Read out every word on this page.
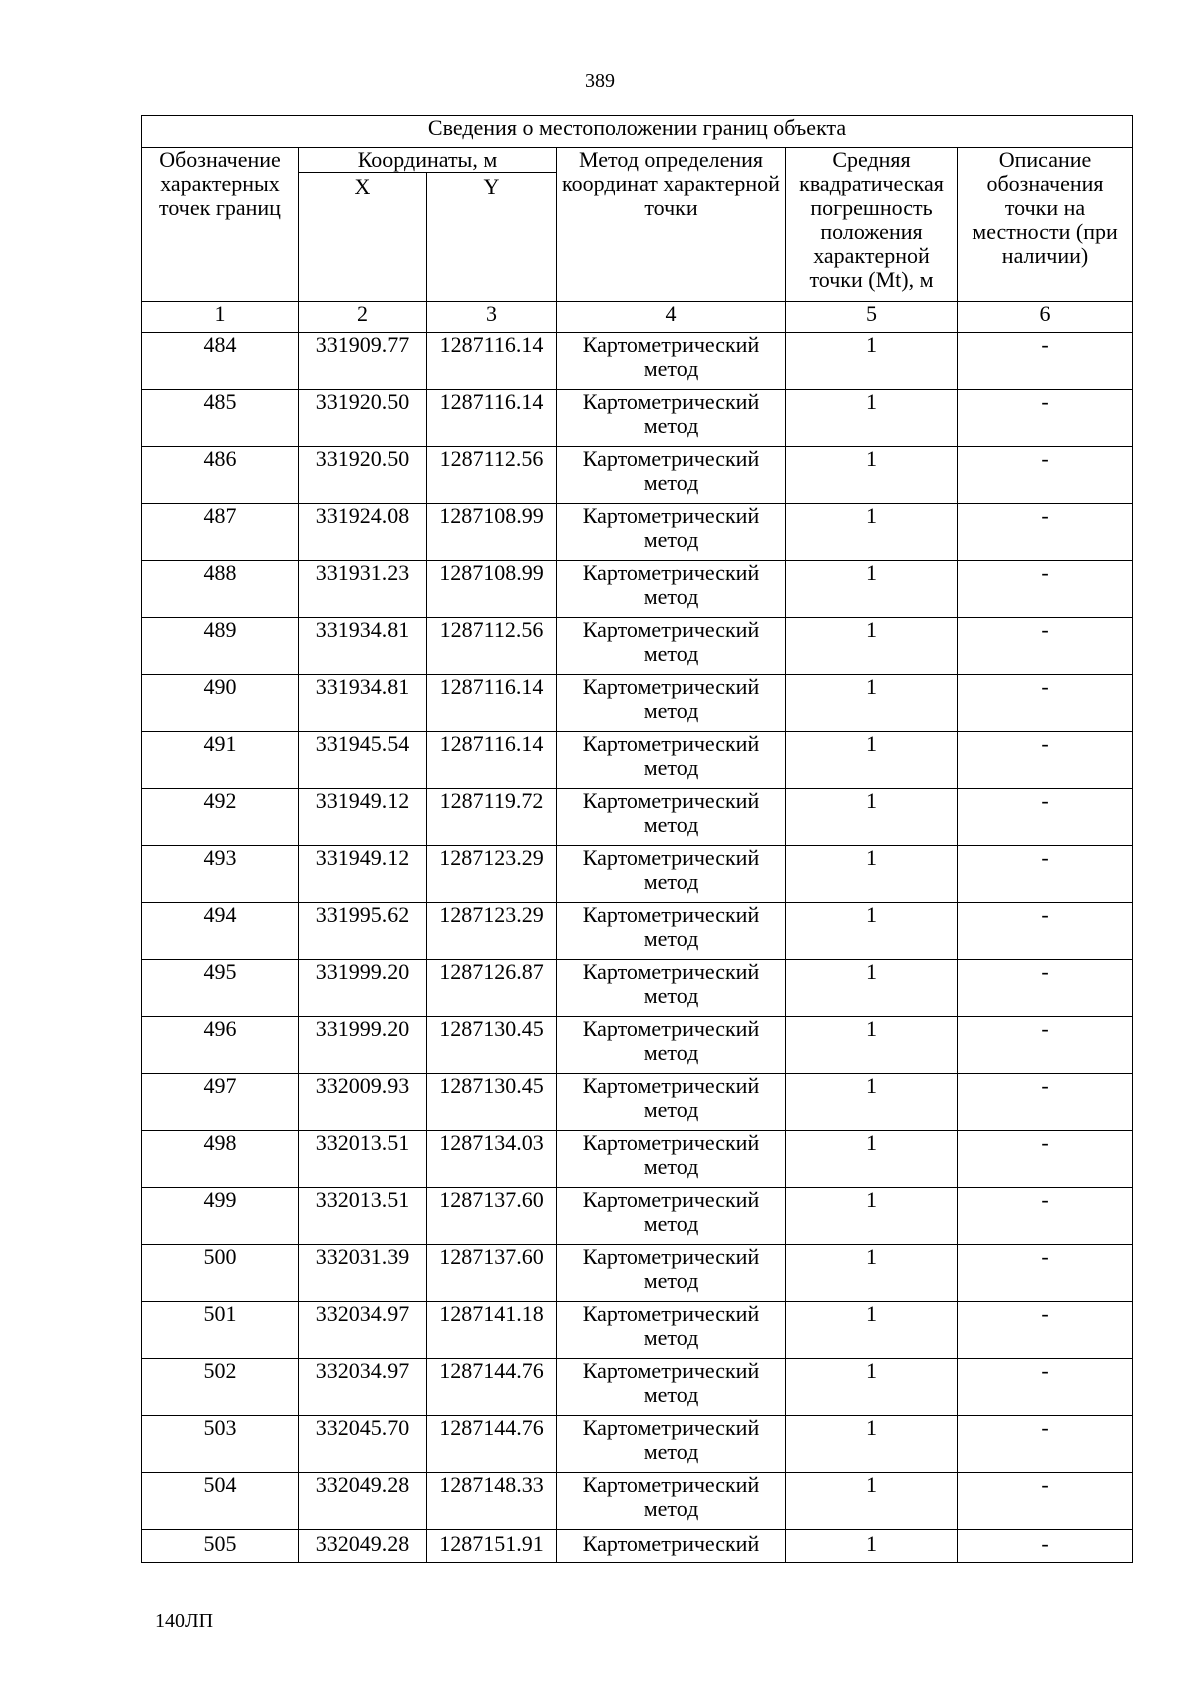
389
Сведения о местоположении границ объекта					
Обозначение характерных точек границ	Координаты, м		Метод определения координат характерной точки	Средняя квадратическая погрешность положения характерной точки (Mt), м	Описание обозначения точки на местности (при наличии)
	X	Y			
1	2	3	4	5	6
484	331909.77	1287116.14	Картометрический метод	1	-
485	331920.50	1287116.14	Картометрический метод	1	-
486	331920.50	1287112.56	Картометрический метод	1	-
487	331924.08	1287108.99	Картометрический метод	1	-
488	331931.23	1287108.99	Картометрический метод	1	-
489	331934.81	1287112.56	Картометрический метод	1	-
490	331934.81	1287116.14	Картометрический метод	1	-
491	331945.54	1287116.14	Картометрический метод	1	-
492	331949.12	1287119.72	Картометрический метод	1	-
493	331949.12	1287123.29	Картометрический метод	1	-
494	331995.62	1287123.29	Картометрический метод	1	-
495	331999.20	1287126.87	Картометрический метод	1	-
496	331999.20	1287130.45	Картометрический метод	1	-
497	332009.93	1287130.45	Картометрический метод	1	-
498	332013.51	1287134.03	Картометрический метод	1	-
499	332013.51	1287137.60	Картометрический метод	1	-
500	332031.39	1287137.60	Картометрический метод	1	-
501	332034.97	1287141.18	Картометрический метод	1	-
502	332034.97	1287144.76	Картометрический метод	1	-
503	332045.70	1287144.76	Картометрический метод	1	-
504	332049.28	1287148.33	Картометрический метод	1	-
505	332049.28	1287151.91	Картометрический	1	-
140ЛП
